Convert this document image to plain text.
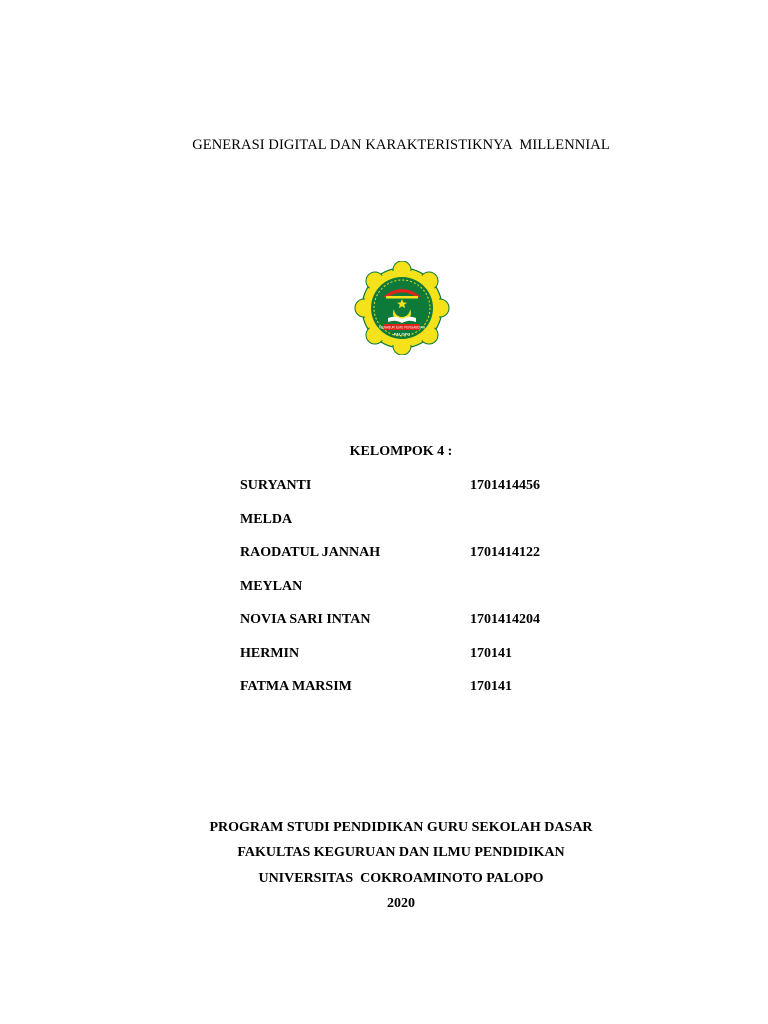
GENERASI DIGITAL DAN KARAKTERISTIKNYA  MILLENNIAL
MENABUR ILMU PENGABDIAN
PALOPO
KELOMPOK 4 :
SURYANTI	1701414456
MELDA
RAODATUL JANNAH	1701414122
MEYLAN
NOVIA SARI INTAN	1701414204
HERMIN	170141
FATMA MARSIM	170141
PROGRAM STUDI PENDIDIKAN GURU SEKOLAH DASAR
FAKULTAS KEGURUAN DAN ILMU PENDIDIKAN
UNIVERSITAS  COKROAMINOTO PALOPO
2020
